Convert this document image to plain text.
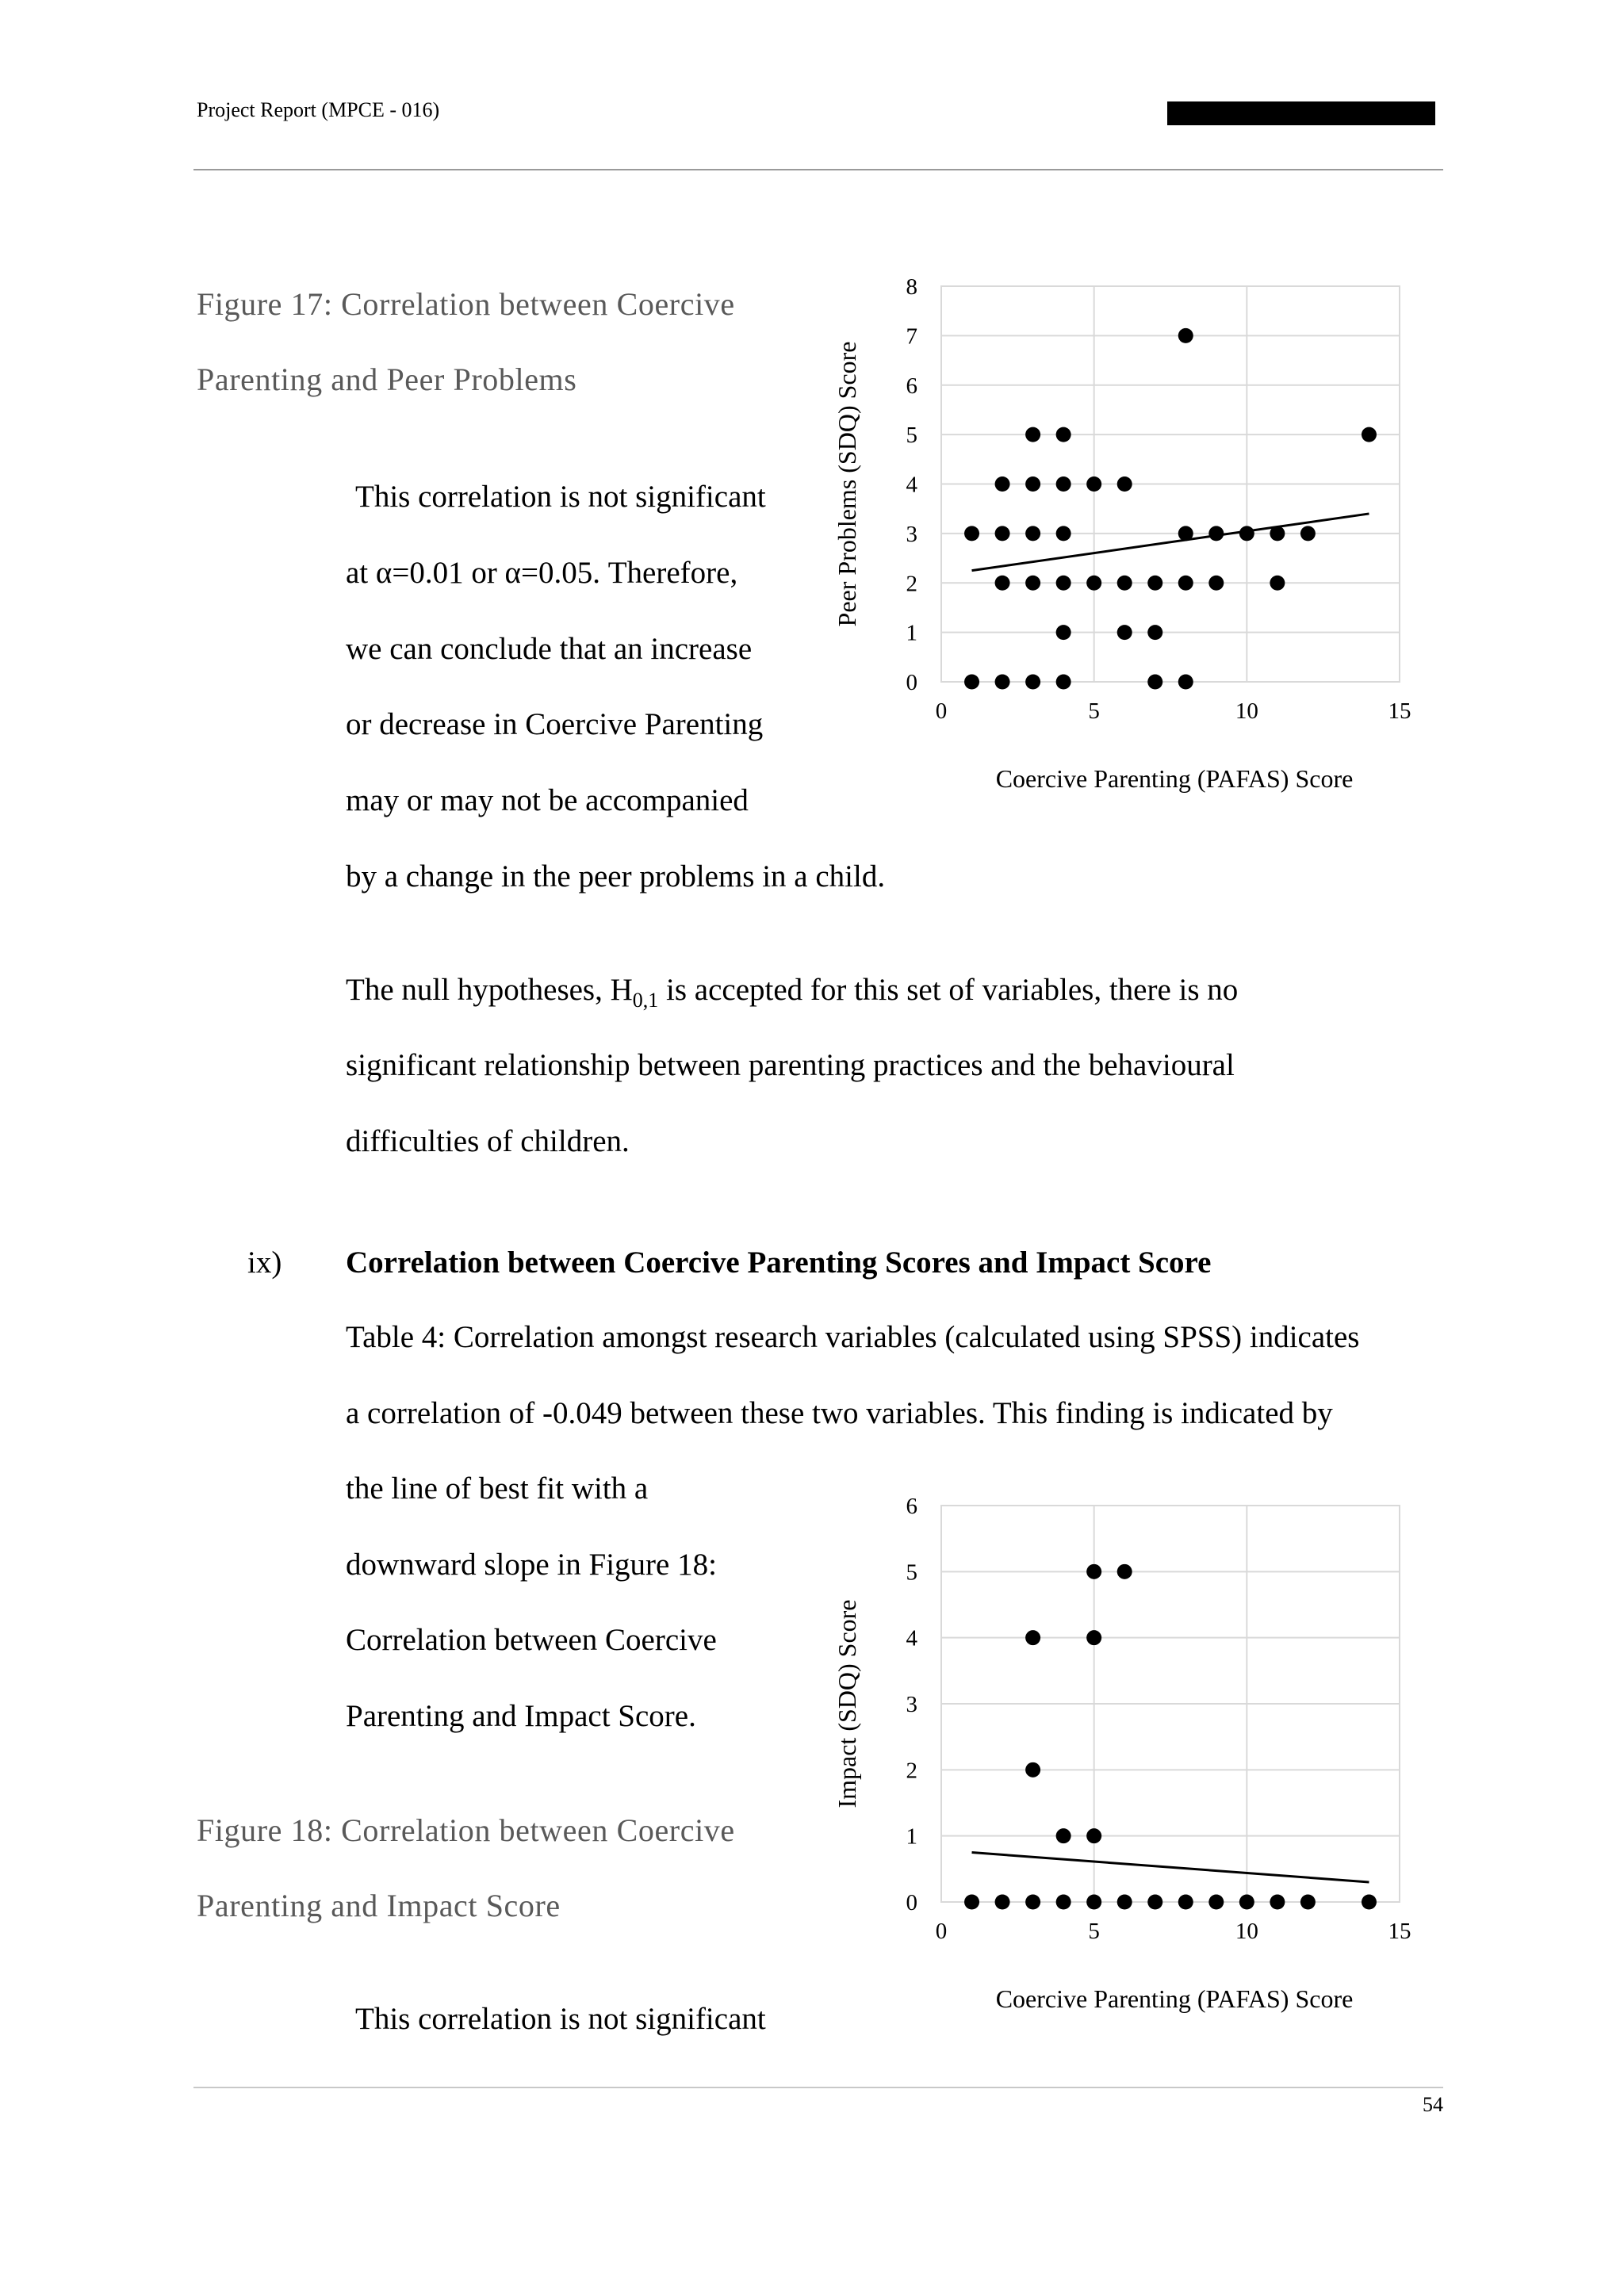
Project Report (MPCE - 016)
Figure 17: Correlation between Coercive
Parenting and Peer Problems
This correlation is not significant
at α=0.01 or α=0.05. Therefore,
we can conclude that an increase
or decrease in Coercive Parenting
may or may not be accompanied
by a change in the peer problems in a child.
The null hypotheses, $H_{0,1}$ is accepted for this set of variables, there is no
significant relationship between parenting practices and the behavioural
difficulties of children.
ix) Correlation between Coercive Parenting Scores and Impact Score
Table 4: Correlation amongst research variables (calculated using SPSS) indicates
a correlation of -0.049 between these two variables. This finding is indicated by
the line of best fit with a
downward slope in Figure 18:
Correlation between Coercive
Parenting and Impact Score.
Figure 18: Correlation between Coercive
Parenting and Impact Score
This correlation is not significant
0
1
2
3
4
5
6
7
8
0	5	10	15
Coercive Parenting (PAFAS) Score
Peer Problems (SDQ) Score
0
1
2
3
4
5
6
0	5	10	15
Coercive Parenting (PAFAS) Score
Impact (SDQ) Score
54
